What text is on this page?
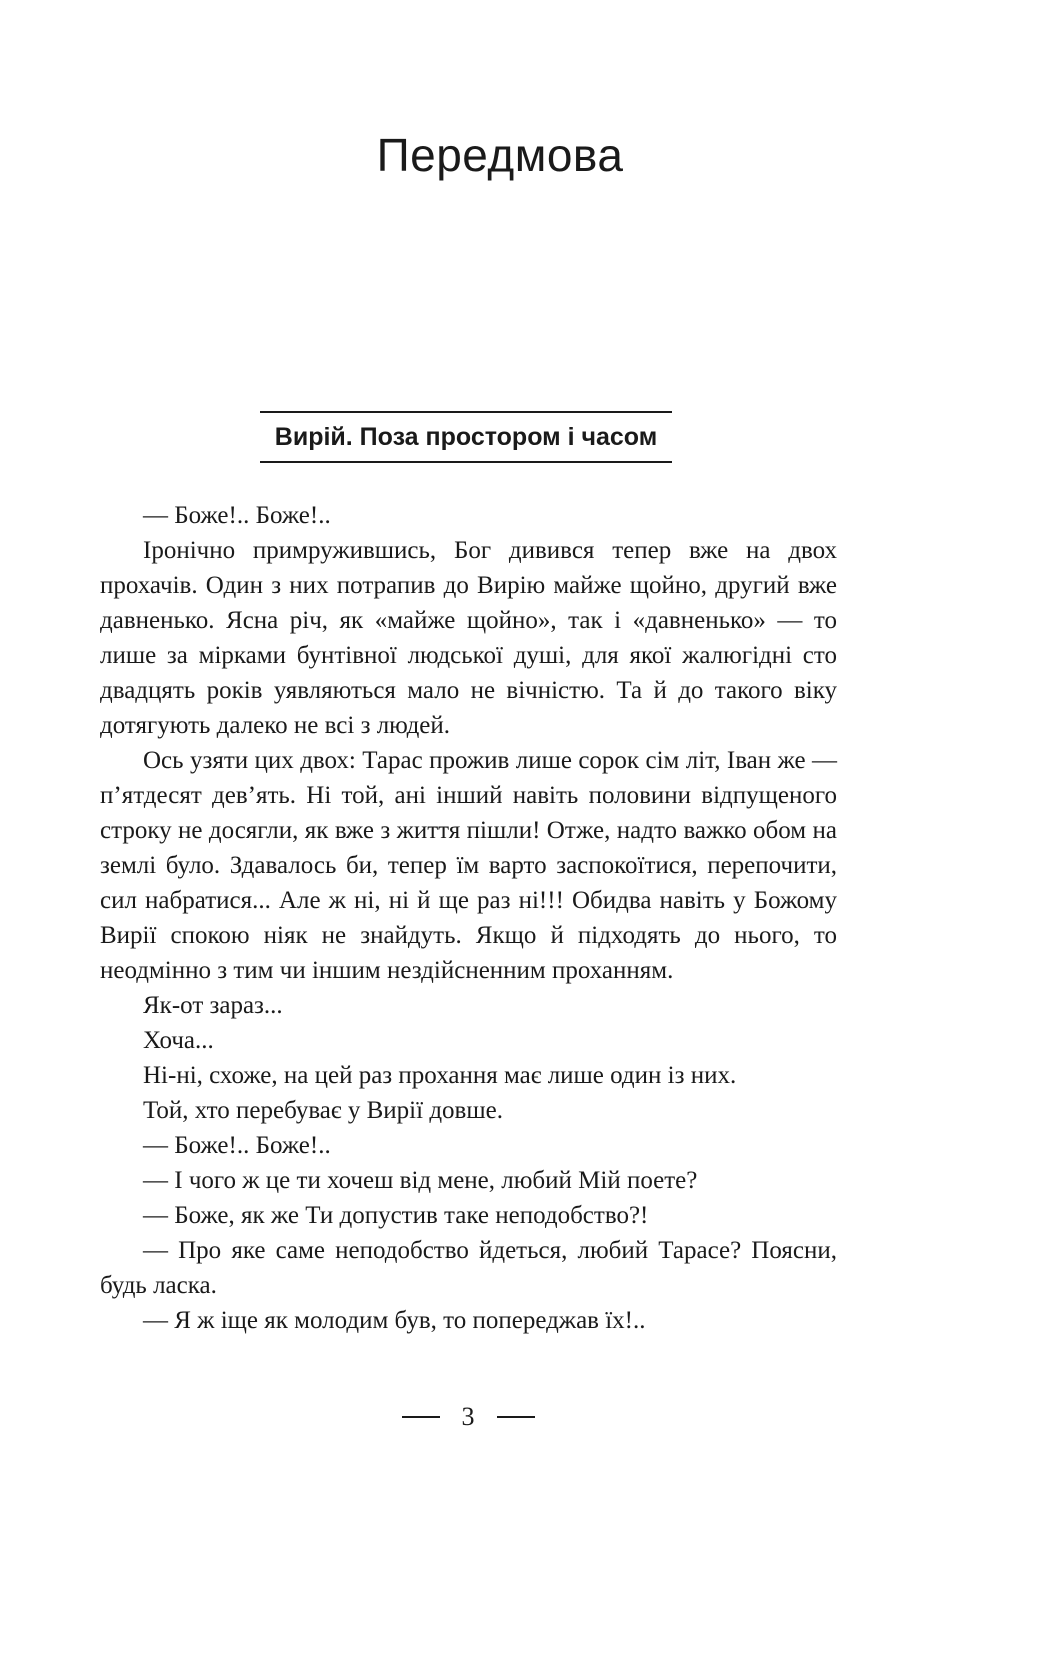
Передмова
Вирій. Поза простором і часом

— Боже!.. Боже!..

Іронічно примружившись, Бог дивився тепер вже на двох прохачів. Один з них потрапив до Вирію майже щойно, другий вже давненько. Ясна річ, як «майже щойно», так і «давненько» — то лише за мірками бунтівної людської душі, для якої жалюгідні сто двадцять років уявляються мало не вічністю. Та й до такого віку дотягують далеко не всі з людей.

Ось узяти цих двох: Тарас прожив лише сорок сім літ, Іван же — п’ятдесят дев’ять. Ні той, ані інший навіть половини відпущеного строку не досягли, як вже з життя пішли! Отже, надто важко обом на землі було. Здавалось би, тепер їм варто заспокоїтися, перепочити, сил набратися... Але ж ні, ні й ще раз ні!!! Обидва навіть у Божому Вирії спокою ніяк не знайдуть. Якщо й підходять до нього, то неодмінно з тим чи іншим нездійсненним проханням.

Як-от зараз...

Хоча...

Ні-ні, схоже, на цей раз прохання має лише один із них.

Той, хто перебуває у Вирії довше.

— Боже!.. Боже!..

— І чого ж це ти хочеш від мене, любий Мій поете?

— Боже, як же Ти допустив таке неподобство?!

— Про яке саме неподобство йдеться, любий Тарасе? Поясни, будь ласка.

— Я ж іще як молодим був, то попереджав їх!..

3
